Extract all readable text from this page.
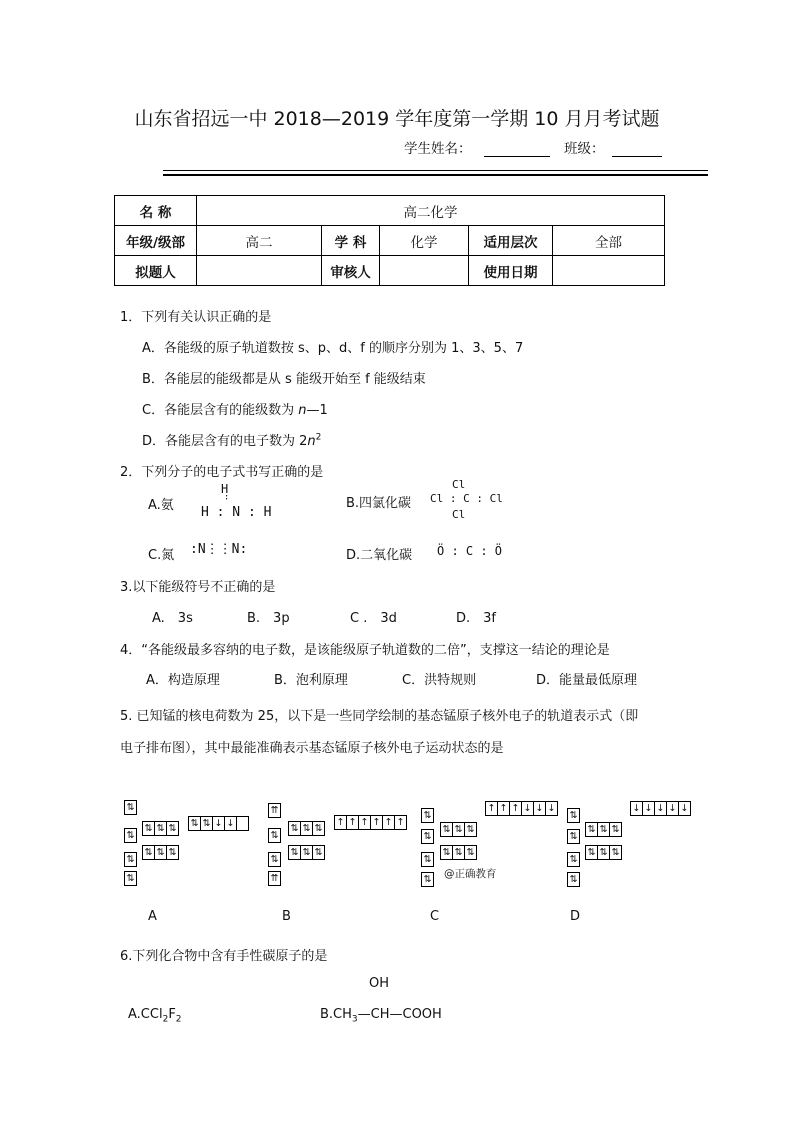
山东省招远一中 2018—2019 学年度第一学期 10 月月考试题
学生姓名：	班级：
名 称	高二化学				
年级/级部	高二	学 科	化学	适用层次	全部
拟题人		审核人		使用日期	
1．下列有关认识正确的是
A．各能级的原子轨道数按 s、p、d、f 的顺序分别为 1、3、5、7
B．各能层的能级都是从 s 能级开始至 f 能级结束
C．各能层含有的能级数为 n—1
D．各能层含有的电子数为 $2n^2$
2．下列分子的电子式书写正确的是
A.氨
H
∶
H : N : H
B.四氯化碳
Cl
Cl : C : Cl
Cl
C.氮 :N⋮⋮N:	D.二氧化碳 Ö : C : Ö
3.以下能级符号不正确的是
A.　3s	B.　3p	C .　3d	D.　3f
4．“各能级最多容纳的电子数，是该能级原子轨道数的二倍”，支撑这一结论的理论是
A．构造原理	B．泡利原理	C．洪特规则	D．能量最低原理
5. 已知锰的核电荷数为 25，以下是一些同学绘制的基态锰原子核外电子的轨道表示式（即
电子排布图），其中最能准确表示基态锰原子核外电子运动状态的是
⇅
⇅
⇅ ⇅ ⇅
⇅
⇅ ⇅ ⇅
⇅ ⇅ ↓ ↓
⇅
⇈
⇅
⇅ ⇅ ⇅
⇅
⇅ ⇅ ⇅
↑ ↑ ↑ ↑ ↑ ↑
⇈
⇅
⇅
⇅ ⇅ ⇅
⇅
⇅ ⇅ ⇅
↑ ↑ ↑ ↓ ↓ ↓
⇅ @正确教育
⇅
⇅
⇅ ⇅ ⇅
⇅
⇅ ⇅ ⇅
↓ ↓ ↓ ↓ ↓
⇅
A	B	C	D
6.下列化合物中含有手性碳原子的是
OH
$A.CCl_2F_2$	$B.CH_3—CH—COOH$
